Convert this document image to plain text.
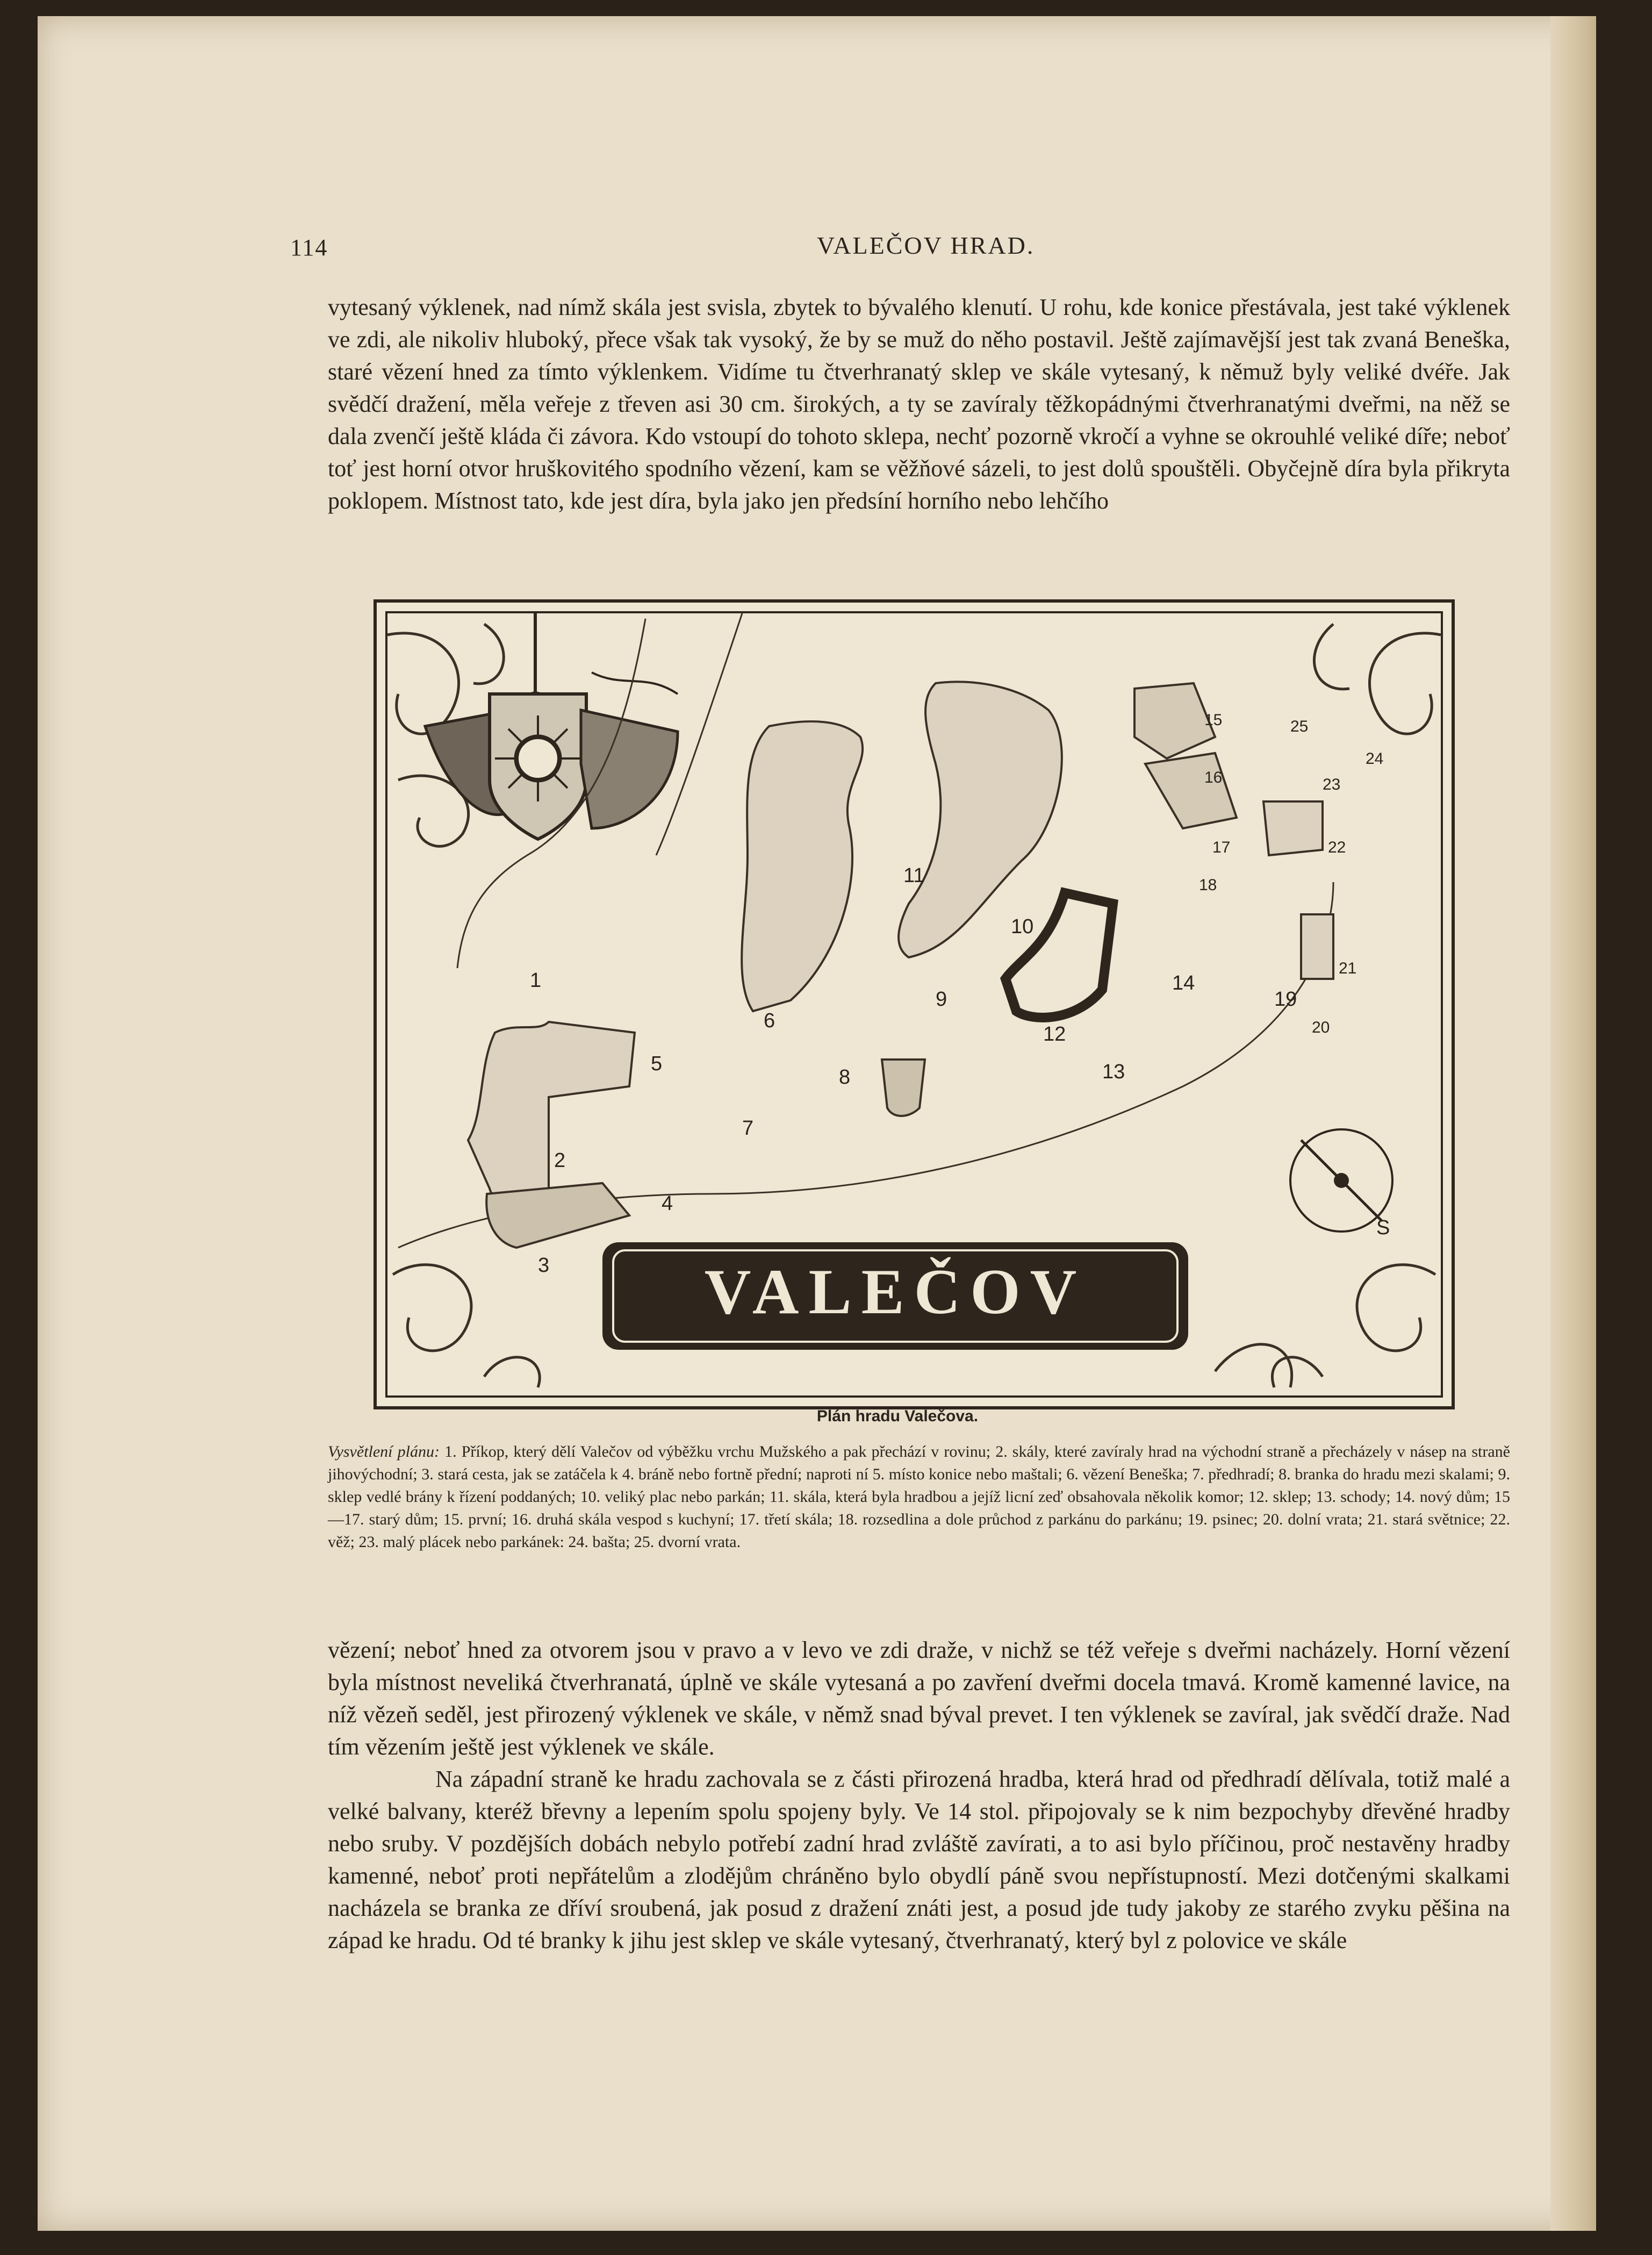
114	VALEČOV HRAD.

vytesaný výklenek, nad nímž skála jest svisla, zbytek to bývalého klenutí. U rohu, kde konice přestávala, jest také výklenek ve zdi, ale nikoliv hluboký, přece však tak vysoký, že by se muž do něho postavil. Ještě zajímavější jest tak zvaná Beneška, staré vězení hned za tímto výklenkem. Vidíme tu čtverhranatý sklep ve skále vytesaný, k němuž byly veliké dvéře. Jak svědčí dražení, měla veřeje z třeven asi 30 cm. širokých, a ty se zavíraly těžkopádnými čtverhranatými dveřmi, na něž se dala zvenčí ještě kláda či závora. Kdo vstoupí do tohoto sklepa, nechť pozorně vkročí a vyhne se okrouhlé veliké díře; neboť toť jest horní otvor hruškovitého spodního vězení, kam se věžňové sázeli, to jest dolů spouštěli. Obyčejně díra byla přikryta poklopem. Místnost tato, kde jest díra, byla jako jen předsíní horního nebo lehčího

VALEČOV
S
1
2
3
4
5
6
7
8
9
10
11
12
13
14
15
16
17
18
19
20
21
22
23
24
25
Plán hradu Valečova.
Vysvětlení plánu: 1. Příkop, který dělí Valečov od výběžku vrchu Mužského a pak přechází v rovinu; 2. skály, které zavíraly hrad na východní straně a přecházely v násep na straně jihovýchodní; 3. stará cesta, jak se zatáčela k 4. bráně nebo fortně přední; naproti ní 5. místo konice nebo maštali; 6. vězení Beneška; 7. předhradí; 8. branka do hradu mezi skalami; 9. sklep vedlé brány k řízení poddaných; 10. veliký plac nebo parkán; 11. skála, která byla hradbou a jejíž licní zeď obsahovala několik komor; 12. sklep; 13. schody; 14. nový dům; 15—17. starý dům; 15. první; 16. druhá skála vespod s kuchyní; 17. třetí skála; 18. rozsedlina a dole průchod z parkánu do parkánu; 19. psinec; 20. dolní vrata; 21. stará světnice; 22. věž; 23. malý plácek nebo parkánek: 24. bašta; 25. dvorní vrata.

vězení; neboť hned za otvorem jsou v pravo a v levo ve zdi draže, v nichž se též veřeje s dveřmi nacházely. Horní vězení byla místnost neveliká čtverhranatá, úplně ve skále vytesaná a po zavření dveřmi docela tmavá. Kromě kamenné lavice, na níž vězeň seděl, jest přirozený výklenek ve skále, v němž snad býval prevet. I ten výklenek se zavíral, jak svědčí draže. Nad tím vězením ještě jest výklenek ve skále.

Na západní straně ke hradu zachovala se z části přirozená hradba, která hrad od předhradí dělívala, totiž malé a velké balvany, kteréž břevny a lepením spolu spojeny byly. Ve 14 stol. připojovaly se k nim bezpochyby dřevěné hradby nebo sruby. V pozdějších dobách nebylo potřebí zadní hrad zvláště zavírati, a to asi bylo příčinou, proč nestavěny hradby kamenné, neboť proti nepřátelům a zlodějům chráněno bylo obydlí páně svou nepřístupností. Mezi dotčenými skalkami nacházela se branka ze dříví sroubená, jak posud z dražení znáti jest, a posud jde tudy jakoby ze starého zvyku pěšina na západ ke hradu. Od té branky k jihu jest sklep ve skále vytesaný, čtverhranatý, který byl z polovice ve skále
